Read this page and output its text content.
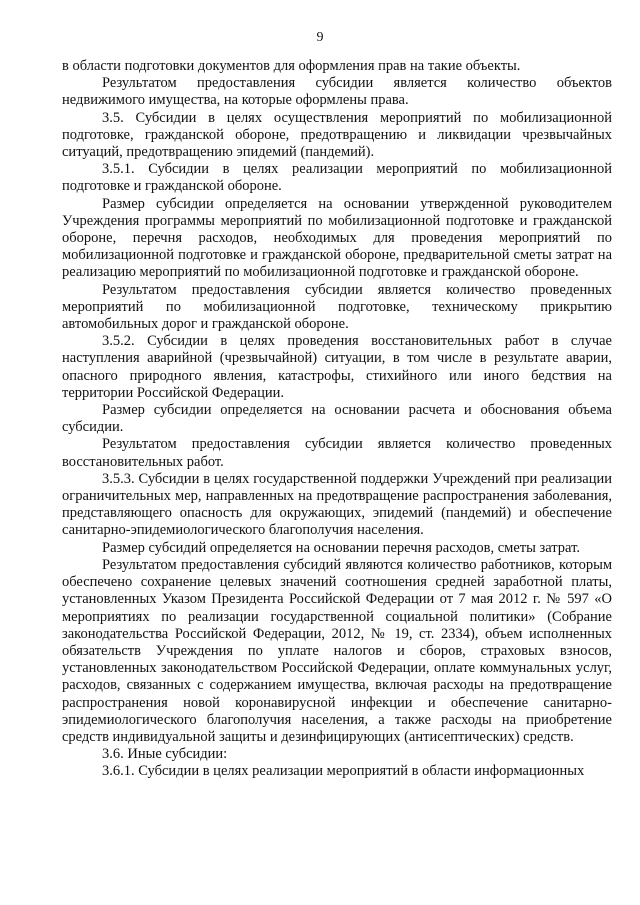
9

в области подготовки документов для оформления прав на такие объекты.

Результатом предоставления субсидии является количество объектов недвижимого имущества, на которые оформлены права.

3.5. Субсидии в целях осуществления мероприятий по мобилизационной подготовке, гражданской обороне, предотвращению и ликвидации чрезвычайных ситуаций, предотвращению эпидемий (пандемий).

3.5.1. Субсидии в целях реализации мероприятий по мобилизационной подготовке и гражданской обороне.

Размер субсидии определяется на основании утвержденной руководителем Учреждения программы мероприятий по мобилизационной подготовке и гражданской обороне, перечня расходов, необходимых для проведения мероприятий по мобилизационной подготовке и гражданской обороне, предварительной сметы затрат на реализацию мероприятий по мобилизационной подготовке и гражданской обороне.

Результатом предоставления субсидии является количество проведенных мероприятий по мобилизационной подготовке, техническому прикрытию автомобильных дорог и гражданской обороне.

3.5.2. Субсидии в целях проведения восстановительных работ в случае наступления аварийной (чрезвычайной) ситуации, в том числе в результате аварии, опасного природного явления, катастрофы, стихийного или иного бедствия на территории Российской Федерации.

Размер субсидии определяется на основании расчета и обоснования объема субсидии.

Результатом предоставления субсидии является количество проведенных восстановительных работ.

3.5.3. Субсидии в целях государственной поддержки Учреждений при реализации ограничительных мер, направленных на предотвращение распространения заболевания, представляющего опасность для окружающих, эпидемий (пандемий) и обеспечение санитарно-эпидемиологического благополучия населения.

Размер субсидий определяется на основании перечня расходов, сметы затрат.

Результатом предоставления субсидий являются количество работников, которым обеспечено сохранение целевых значений соотношения средней заработной платы, установленных Указом Президента Российской Федерации от 7 мая 2012 г. № 597 «О мероприятиях по реализации государственной социальной политики» (Собрание законодательства Российской Федерации, 2012, № 19, ст. 2334), объем исполненных обязательств Учреждения по уплате налогов и сборов, страховых взносов, установленных законодательством Российской Федерации, оплате коммунальных услуг, расходов, связанных с содержанием имущества, включая расходы на предотвращение распространения новой коронавирусной инфекции и обеспечение санитарно-эпидемиологического благополучия населения, а также расходы на приобретение средств индивидуальной защиты и дезинфицирующих (антисептических) средств.

3.6. Иные субсидии:

3.6.1. Субсидии в целях реализации мероприятий в области информационных
